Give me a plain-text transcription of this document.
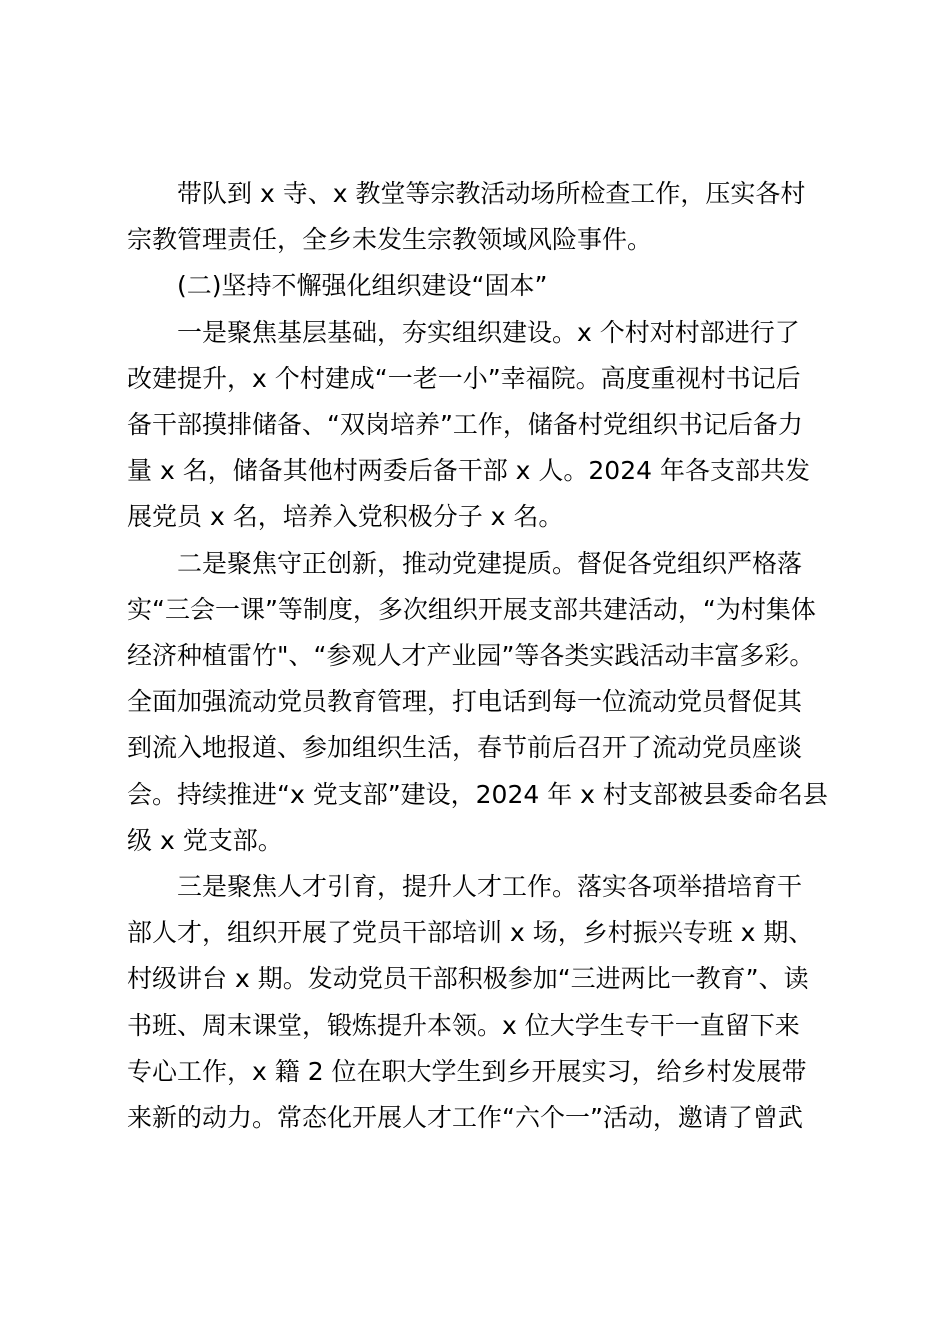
带队到 x 寺、x 教堂等宗教活动场所检查工作，压实各村
宗教管理责任，全乡未发生宗教领域风险事件。
(二)坚持不懈强化组织建设“固本”
一是聚焦基层基础，夯实组织建设。x 个村对村部进行了
改建提升，x 个村建成“一老一小”幸福院。高度重视村书记后
备干部摸排储备、“双岗培养”工作，储备村党组织书记后备力
量 x 名，储备其他村两委后备干部 x 人。2024 年各支部共发
展党员 x 名，培养入党积极分子 x 名。
二是聚焦守正创新，推动党建提质。督促各党组织严格落
实“三会一课”等制度，多次组织开展支部共建活动，“为村集体
经济种植雷竹"、“参观人才产业园”等各类实践活动丰富多彩。
全面加强流动党员教育管理，打电话到每一位流动党员督促其
到流入地报道、参加组织生活，春节前后召开了流动党员座谈
会。持续推进“x 党支部”建设，2024 年 x 村支部被县委命名县
级 x 党支部。
三是聚焦人才引育，提升人才工作。落实各项举措培育干
部人才，组织开展了党员干部培训 x 场，乡村振兴专班 x 期、
村级讲台 x 期。发动党员干部积极参加“三进两比一教育”、读
书班、周末课堂，锻炼提升本领。x 位大学生专干一直留下来
专心工作，x 籍 2 位在职大学生到乡开展实习，给乡村发展带
来新的动力。常态化开展人才工作“六个一”活动，邀请了曾武
